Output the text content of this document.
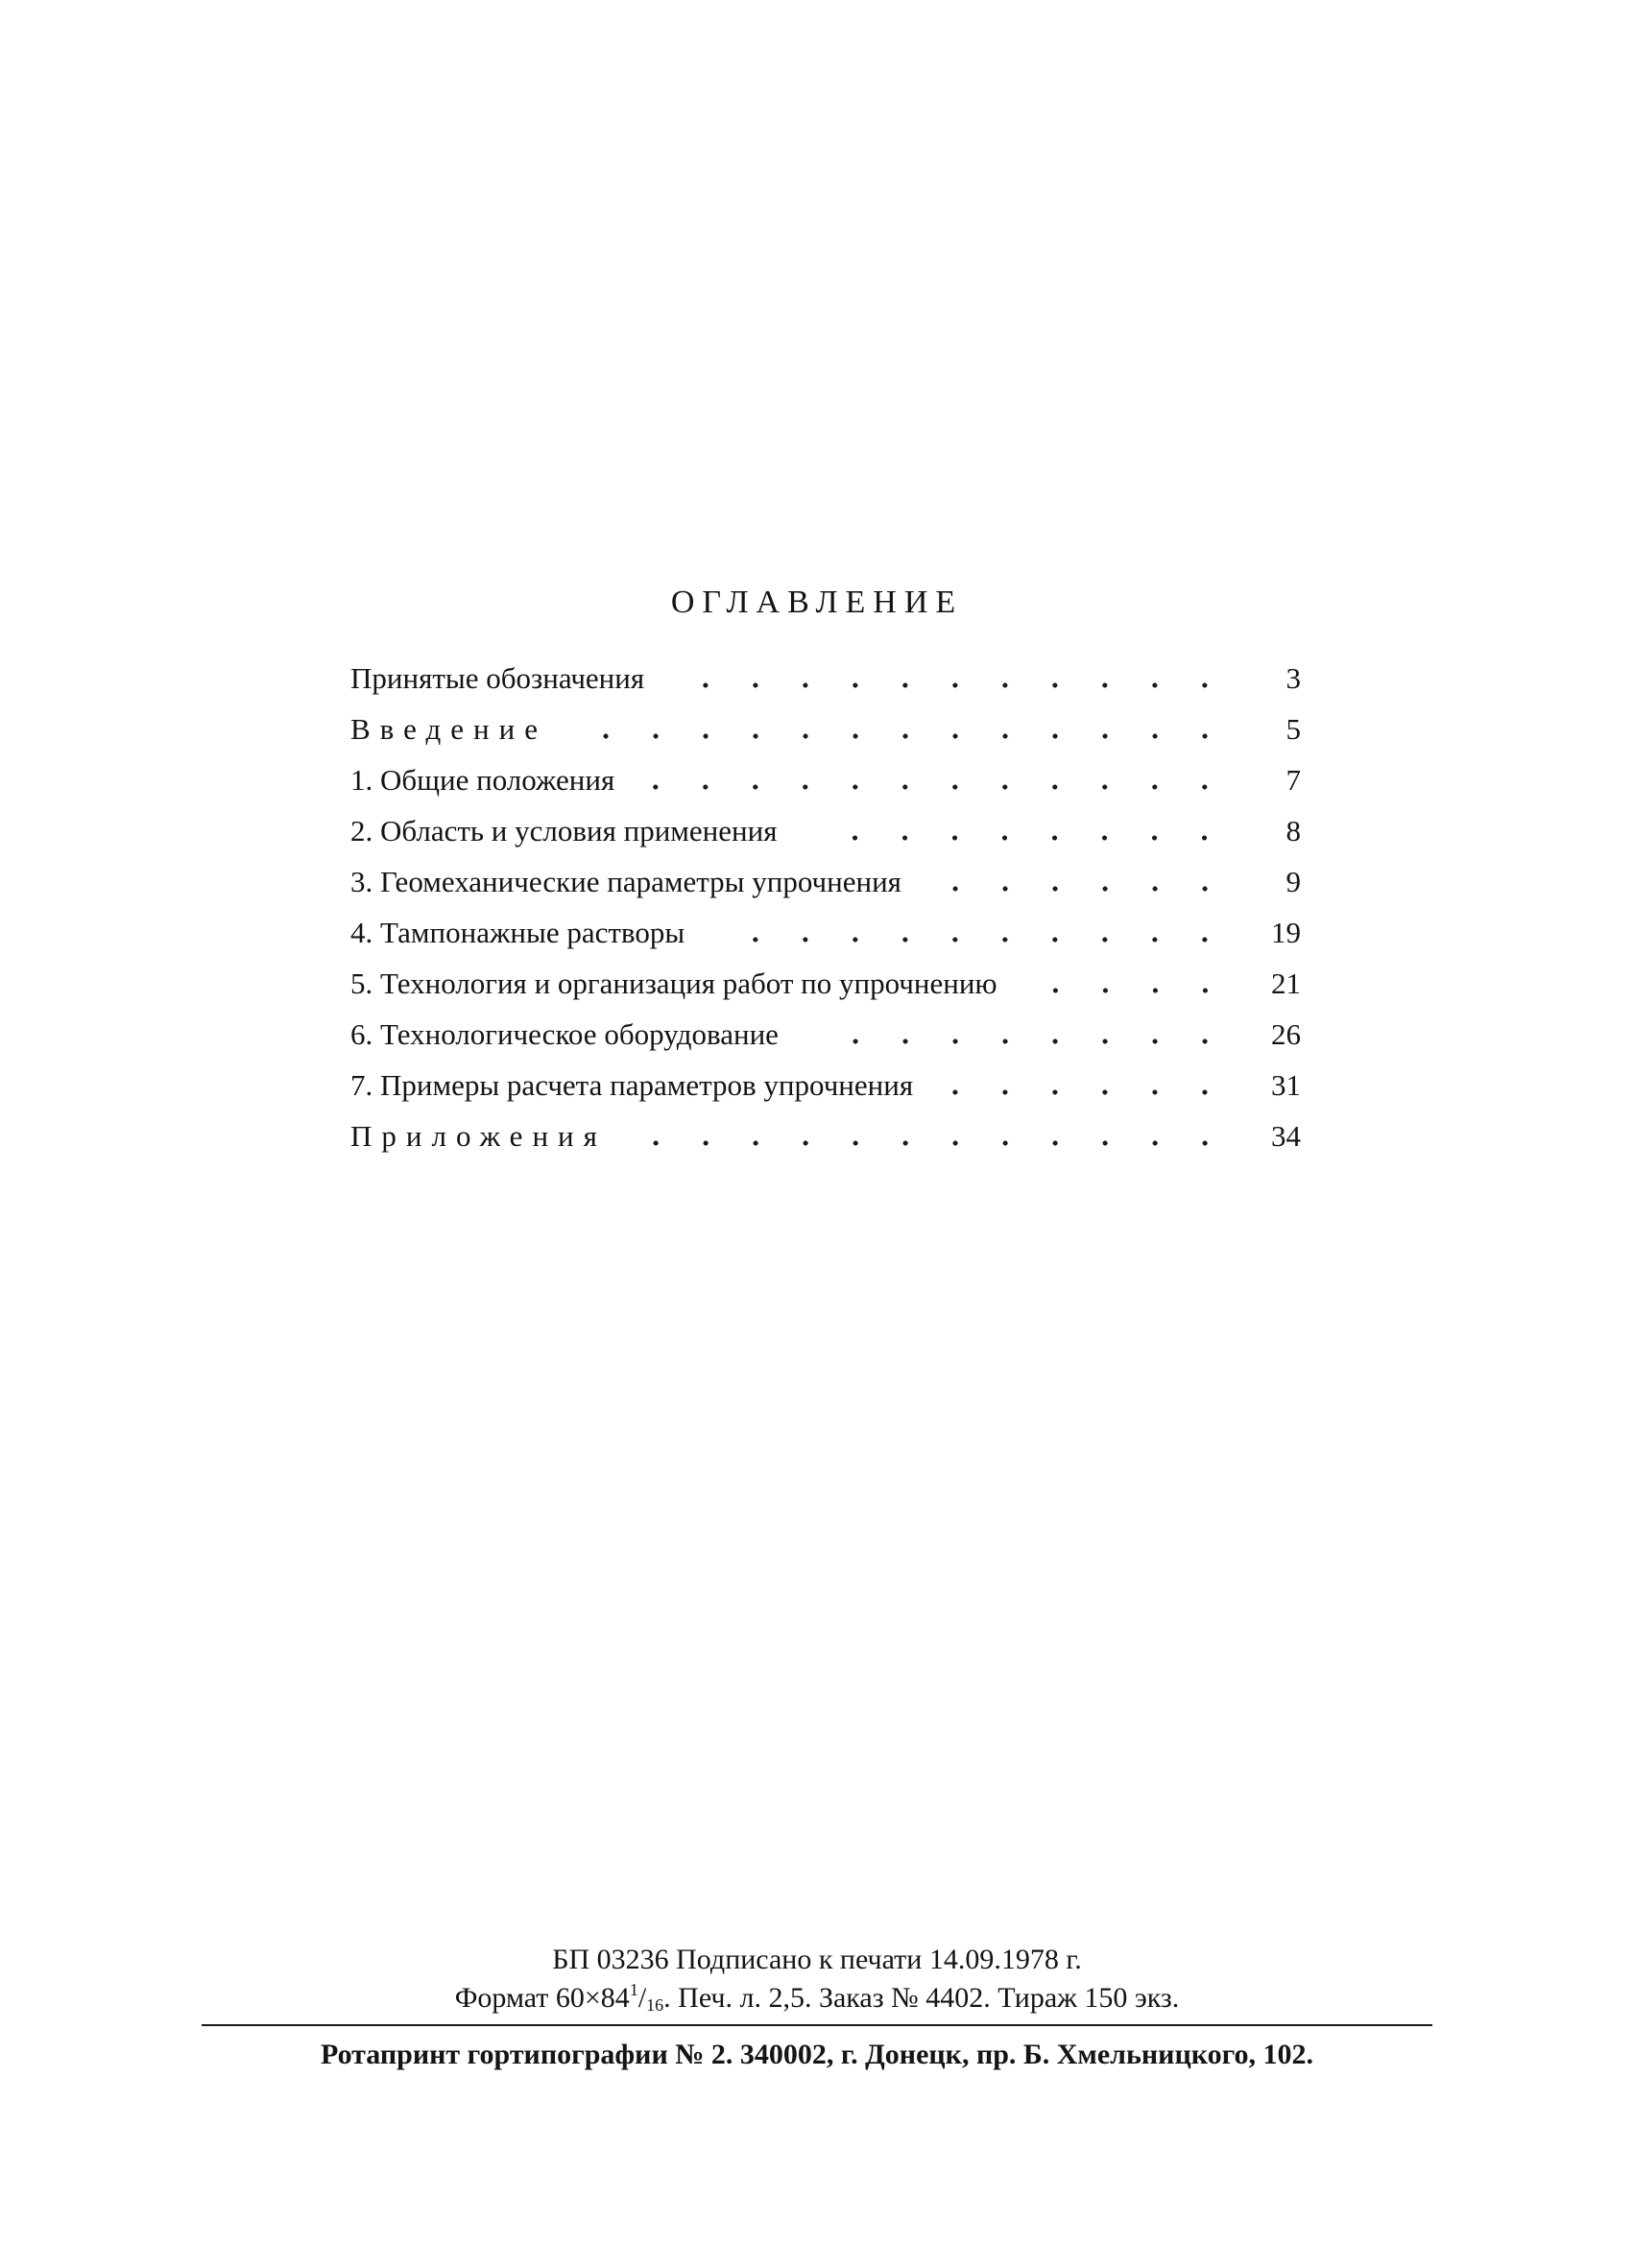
ОГЛАВЛЕНИЕ
Принятые обозначения	3
Введение	5
1. Общие положения	7
2. Область и условия применения	8
3. Геомеханические параметры упрочнения	9
4. Тампонажные растворы	19
5. Технология и организация работ по упрочнению	21
6. Технологическое оборудование	26
7. Примеры расчета параметров упрочнения	31
Приложения	34
БП 03236 Подписано к печати 14.09.1978 г.
Формат $60\times 84^1/_{16}$. Печ. л. 2,5. Заказ № 4402. Тираж 150 экз.
Ротапринт гортипографии № 2. 340002, г. Донецк, пр. Б. Хмельницкого, 102.
